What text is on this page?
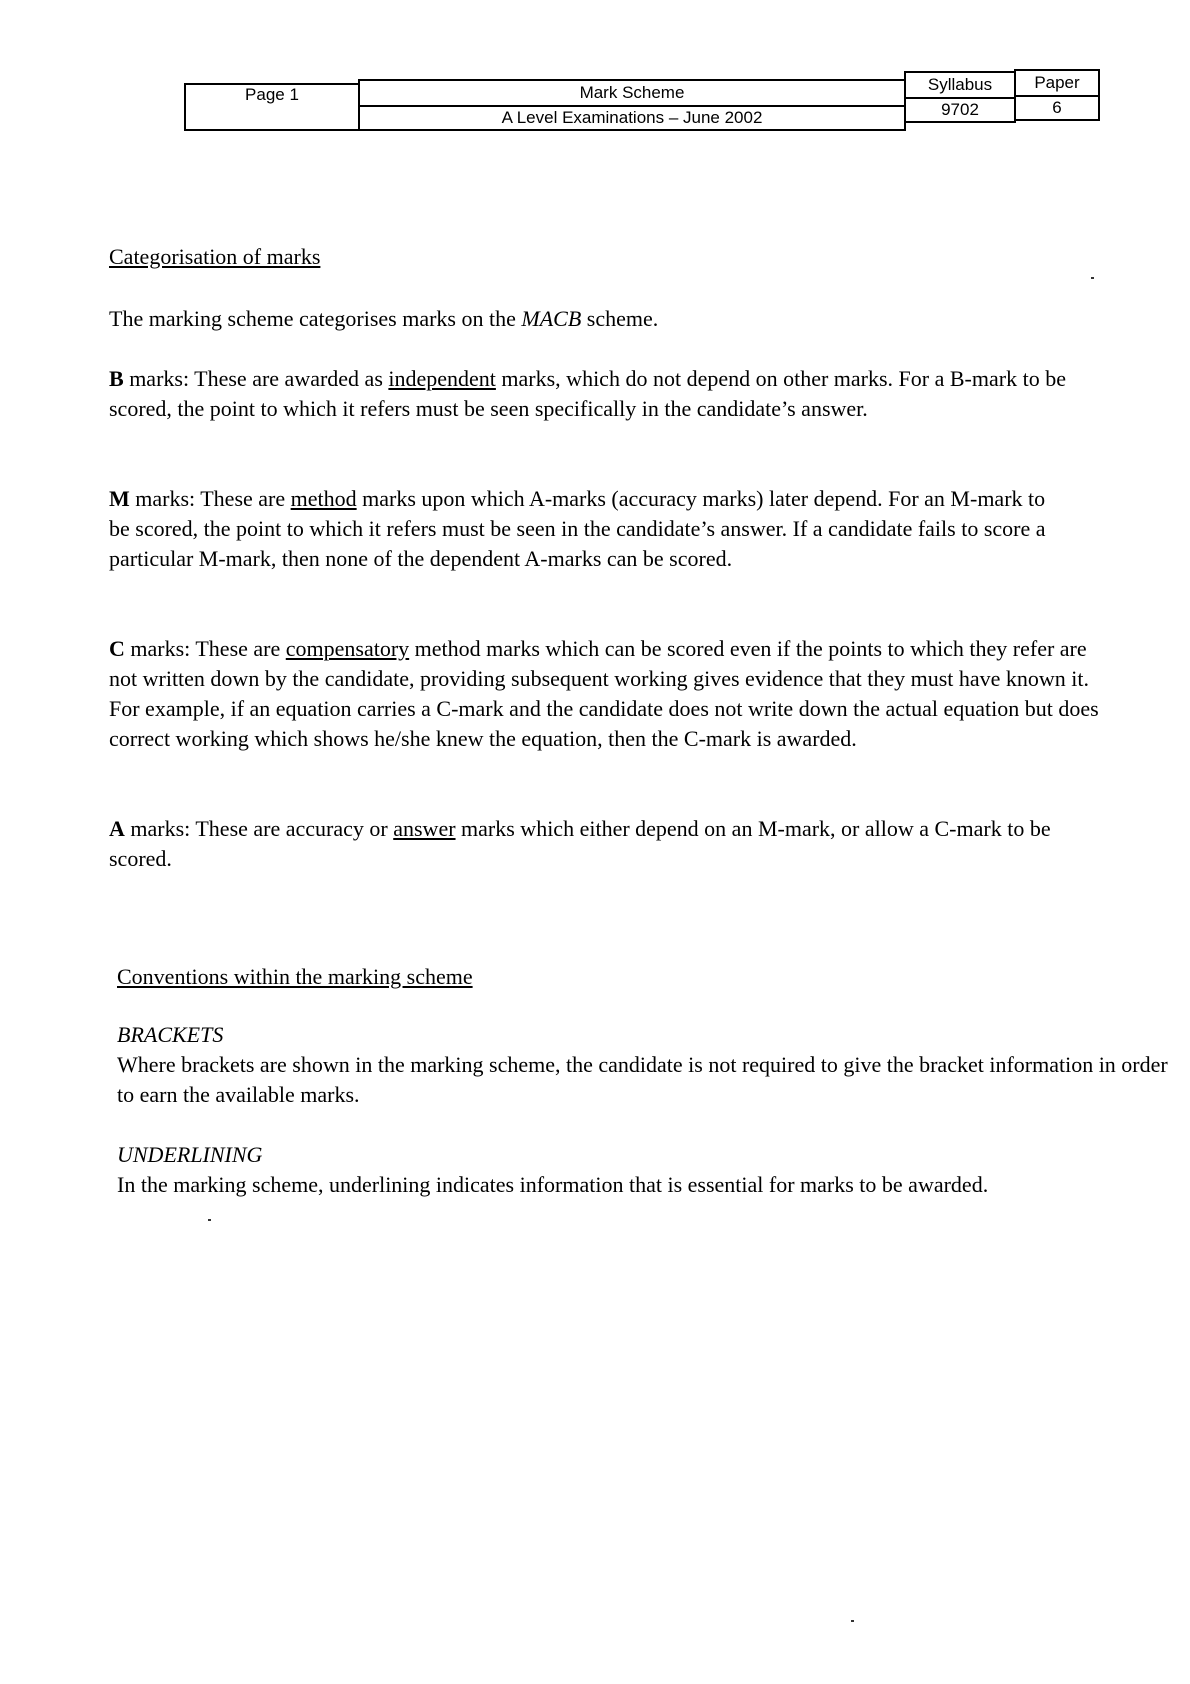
Page 1	Mark Scheme
A Level Examinations – June 2002
Syllabus
9702
Paper
6
Categorisation of marks
The marking scheme categorises marks on the MACB scheme.
B marks: These are awarded as independent marks, which do not depend on other marks. For a B-mark to be scored, the point to which it refers must be seen specifically in the candidate’s answer.
M marks: These are method marks upon which A-marks (accuracy marks) later depend. For an M-mark to be scored, the point to which it refers must be seen in the candidate’s answer. If a candidate fails to score a particular M-mark, then none of the dependent A-marks can be scored.
C marks: These are compensatory method marks which can be scored even if the points to which they refer are not written down by the candidate, providing subsequent working gives evidence that they must have known it. For example, if an equation carries a C-mark and the candidate does not write down the actual equation but does correct working which shows he/she knew the equation, then the C-mark is awarded.
A marks: These are accuracy or answer marks which either depend on an M-mark, or allow a C-mark to be scored.
Conventions within the marking scheme
BRACKETS
Where brackets are shown in the marking scheme, the candidate is not required to give the bracket information in order to earn the available marks.
UNDERLINING
In the marking scheme, underlining indicates information that is essential for marks to be awarded.
